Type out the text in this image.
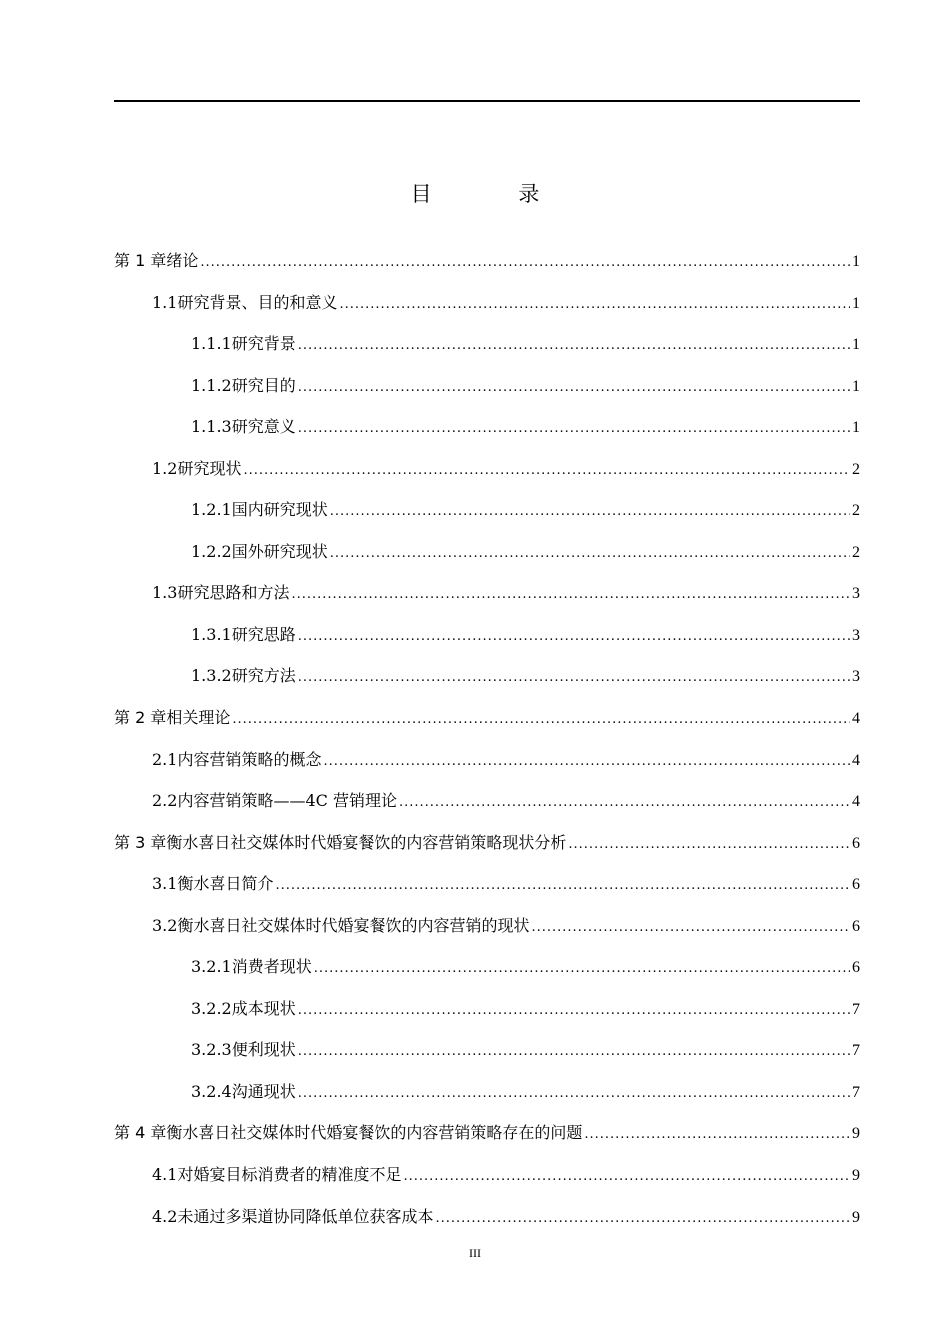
目 录
第 1 章 绪论 .....	1
1.1 研究背景、目的和意义 .....	1
1.1.1 研究背景 .....	1
1.1.2 研究目的 .....	1
1.1.3 研究意义 .....	1
1.2 研究现状 .....	2
1.2.1 国内研究现状 .....	2
1.2.2 国外研究现状 .....	2
1.3 研究思路和方法 .....	3
1.3.1 研究思路 .....	3
1.3.2 研究方法 .....	3
第 2 章 相关理论 .....	4
2.1 内容营销策略的概念 .....	4
2.2 内容营销策略——4C 营销理论 .....	4
第 3 章 衡水喜日社交媒体时代婚宴餐饮的内容营销策略现状分析 .....	6
3.1 衡水喜日简介 .....	6
3.2 衡水喜日社交媒体时代婚宴餐饮的内容营销的现状 .....	6
3.2.1 消费者现状 .....	6
3.2.2 成本现状 .....	7
3.2.3 便利现状 .....	7
3.2.4 沟通现状 .....	7
第 4 章 衡水喜日社交媒体时代婚宴餐饮的内容营销策略存在的问题 .....	9
4.1 对婚宴目标消费者的精准度不足 .....	9
4.2 未通过多渠道协同降低单位获客成本 .....	9
III
